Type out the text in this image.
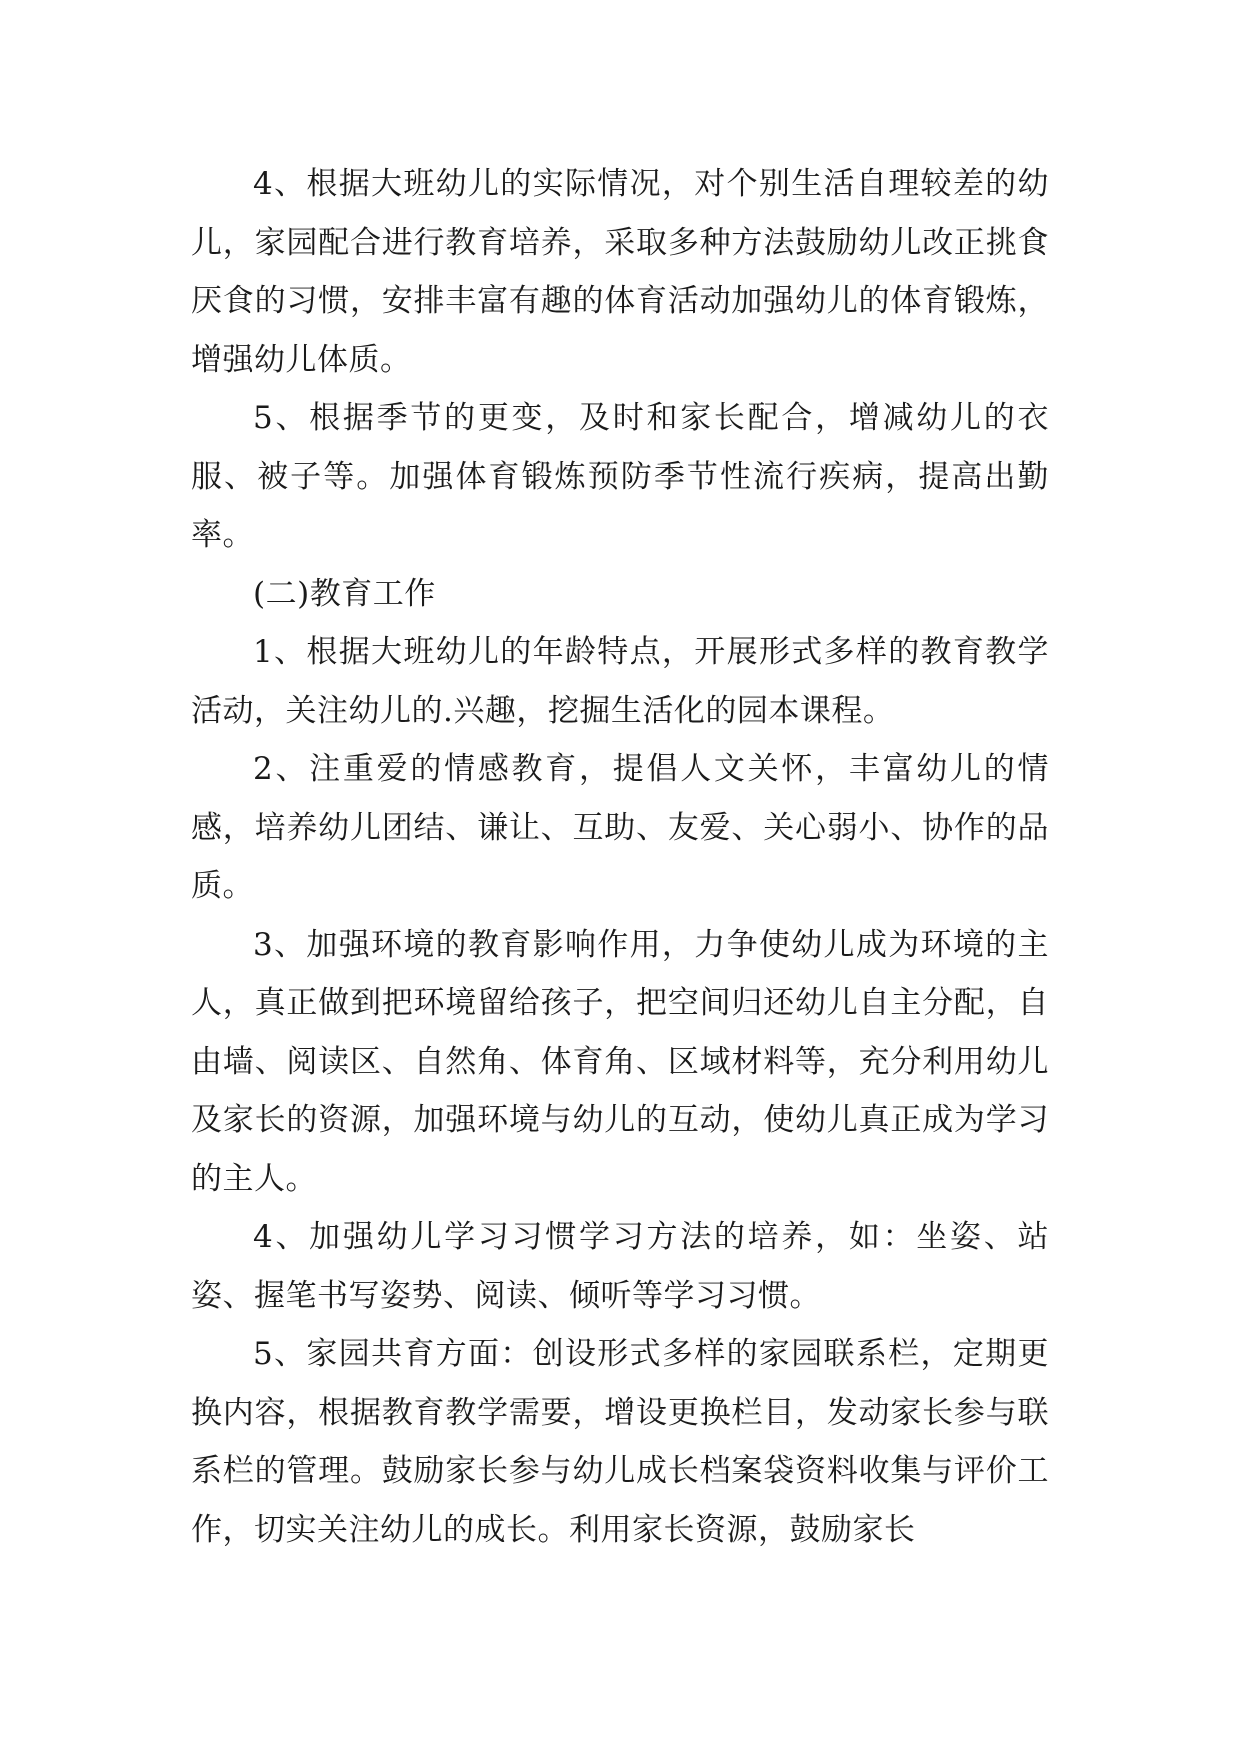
4、根据大班幼儿的实际情况，对个别生活自理较差的幼儿，家园配合进行教育培养，采取多种方法鼓励幼儿改正挑食厌食的习惯，安排丰富有趣的体育活动加强幼儿的体育锻炼，增强幼儿体质。

5、根据季节的更变，及时和家长配合，增减幼儿的衣服、被子等。加强体育锻炼预防季节性流行疾病，提高出勤率。

(二)教育工作

1、根据大班幼儿的年龄特点，开展形式多样的教育教学活动，关注幼儿的.兴趣，挖掘生活化的园本课程。

2、注重爱的情感教育，提倡人文关怀，丰富幼儿的情感，培养幼儿团结、谦让、互助、友爱、关心弱小、协作的品质。

3、加强环境的教育影响作用，力争使幼儿成为环境的主人，真正做到把环境留给孩子，把空间归还幼儿自主分配，自由墙、阅读区、自然角、体育角、区域材料等，充分利用幼儿及家长的资源，加强环境与幼儿的互动，使幼儿真正成为学习的主人。

4、加强幼儿学习习惯学习方法的培养，如：坐姿、站姿、握笔书写姿势、阅读、倾听等学习习惯。

5、家园共育方面：创设形式多样的家园联系栏，定期更换内容，根据教育教学需要，增设更换栏目，发动家长参与联系栏的管理。鼓励家长参与幼儿成长档案袋资料收集与评价工作，切实关注幼儿的成长。利用家长资源，鼓励家长
